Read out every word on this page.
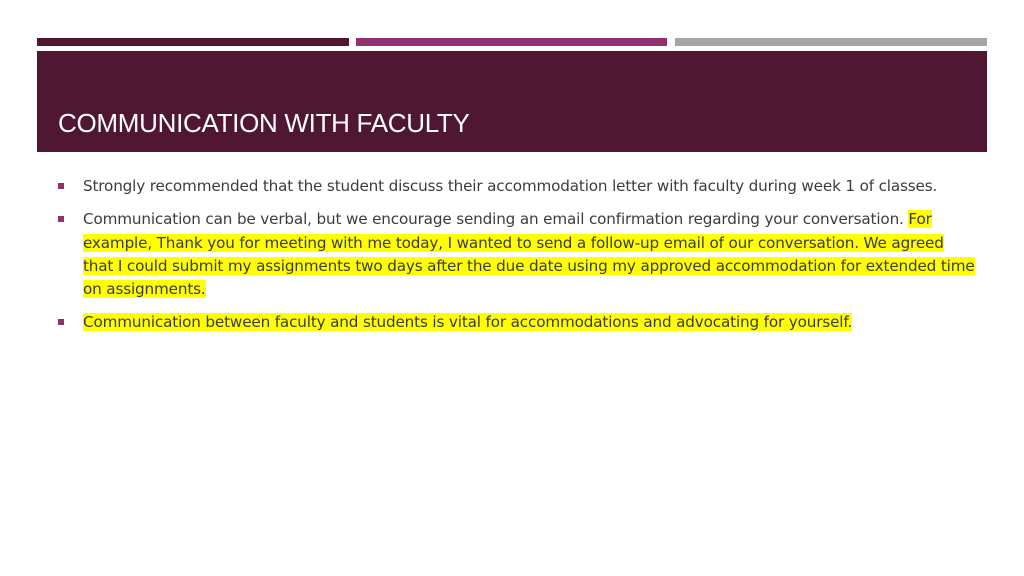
COMMUNICATION WITH FACULTY
Strongly recommended that the student discuss their accommodation letter with faculty during week 1 of classes.
Communication can be verbal, but we encourage sending an email confirmation regarding your conversation. For example, Thank you for meeting with me today, I wanted to send a follow-up email of our conversation. We agreed that I could submit my assignments two days after the due date using my approved accommodation for extended time on assignments.
Communication between faculty and students is vital for accommodations and advocating for yourself.
